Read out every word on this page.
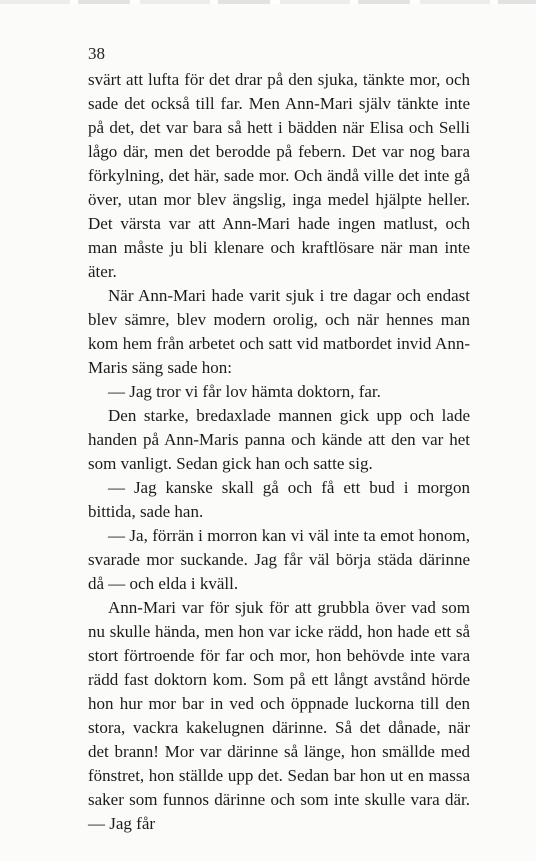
38

svärt att lufta för det drar på den sjuka, tänkte mor, och sade det också till far. Men Ann-Mari själv tänkte inte på det, det var bara så hett i bädden när Elisa och Selli lågo där, men det berodde på febern. Det var nog bara förkylning, det här, sade mor. Och ändå ville det inte gå över, utan mor blev ängslig, inga medel hjälpte heller. Det värsta var att Ann-Mari hade ingen matlust, och man måste ju bli klenare och kraftlösare när man inte äter.

När Ann-Mari hade varit sjuk i tre dagar och endast blev sämre, blev modern orolig, och när hennes man kom hem från arbetet och satt vid matbordet invid Ann-Maris säng sade hon:

— Jag tror vi får lov hämta doktorn, far.

Den starke, bredaxlade mannen gick upp och lade handen på Ann-Maris panna och kände att den var het som vanligt. Sedan gick han och satte sig.

— Jag kanske skall gå och få ett bud i morgon bittida, sade han.

— Ja, förrän i morron kan vi väl inte ta emot honom, svarade mor suckande. Jag får väl börja städa därinne då — och elda i kväll.

Ann-Mari var för sjuk för att grubbla över vad som nu skulle hända, men hon var icke rädd, hon hade ett så stort förtroende för far och mor, hon behövde inte vara rädd fast doktorn kom. Som på ett långt avstånd hörde hon hur mor bar in ved och öppnade luckorna till den stora, vackra kakelugnen därinne. Så det dånade, när det brann! Mor var därinne så länge, hon smällde med fönstret, hon ställde upp det. Sedan bar hon ut en massa saker som funnos därinne och som inte skulle vara där. — Jag får
